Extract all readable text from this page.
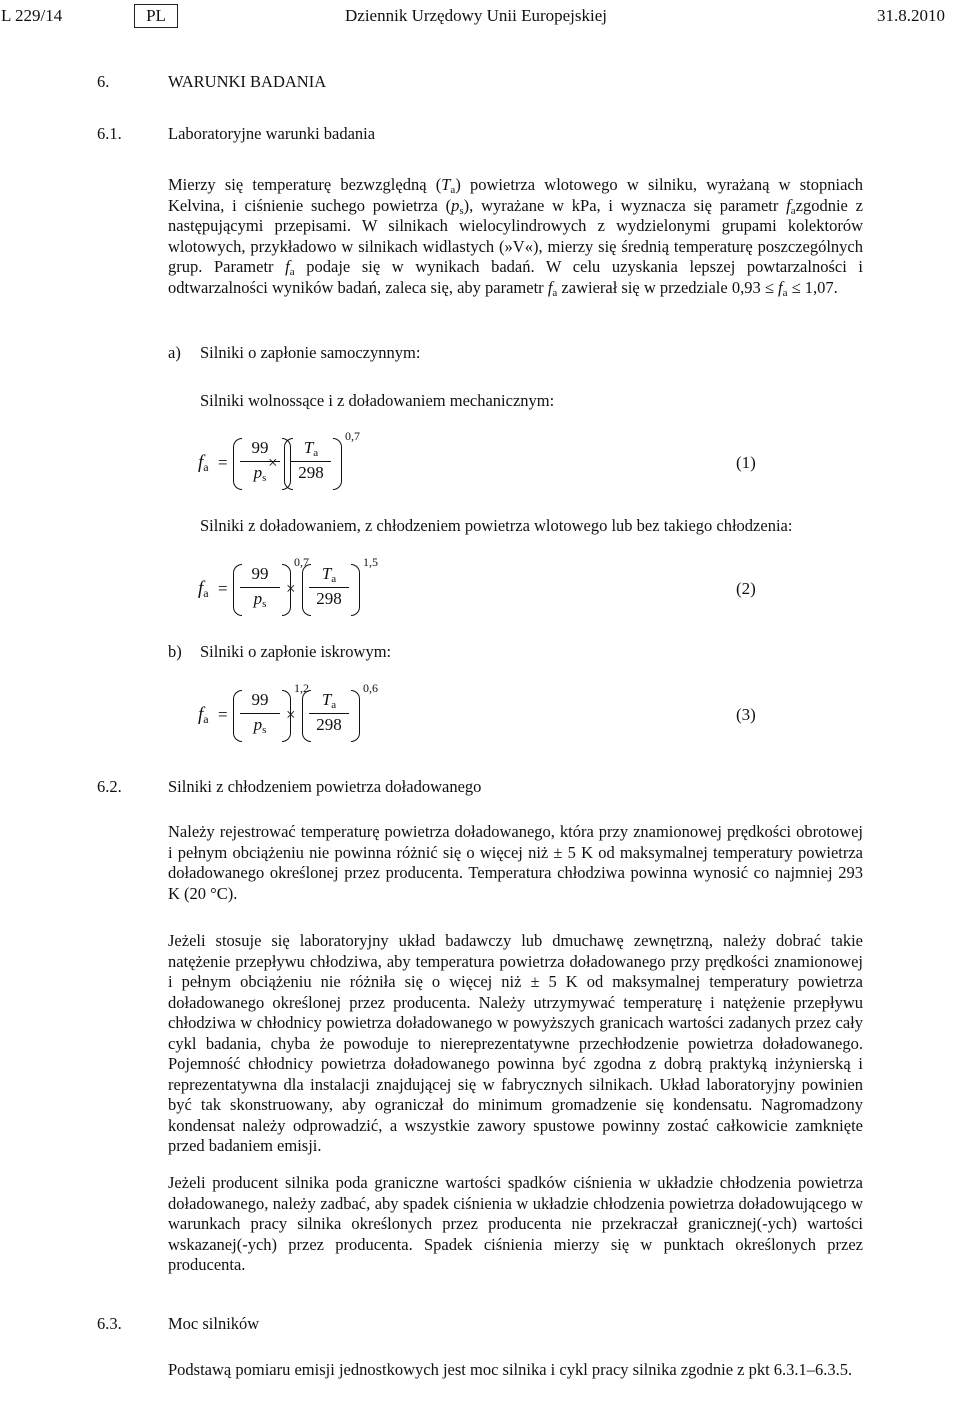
L 229/14	PL	Dziennik Urzędowy Unii Europejskiej	31.8.2010
6.	WARUNKI BADANIA
6.1.	Laboratoryjne warunki badania
Mierzy się temperaturę bezwzględną $(T_a)$ powietrza wlotowego w silniku, wyrażaną w stopniach Kelvina, i ciśnienie suchego powietrza $(p_s)$, wyrażane w kPa, i wyznacza się parametr $f_azgodnie$ z następującymi przepisami. W silnikach wielocylindrowych z wydzielonymi grupami kolektorów wlotowych, przykładowo w silnikach widlastych (»V«), mierzy się średnią temperaturę poszczególnych grup. Parametr $f_a$ podaje się w wynikach badań. W celu uzyskania lepszej powtarzalności i odtwarzalności wyników badań, zaleca się, aby parametr $f_a$ zawierał się w przedziale $0,93 \le f_a \le 1,07$.
a) Silniki o zapłonie samoczynnym:
Silniki wolnossące i z doładowaniem mechanicznym:
$f_a$ =
99
$p_s$
×
$T_a$
298
0,7
(1)
b) Silniki o zapłonie iskrowym:
Silniki z doładowaniem, z chłodzeniem powietrza wlotowego lub bez takiego chłodzenia:
$f_a$ =
99
$p_s$
0,7
×
$T_a$
298
1,5
(2)
$f_a$ =
99
$p_s$
1,2
×
$T_a$
298
0,6
(3)
6.2.	Silniki z chłodzeniem powietrza doładowanego
Należy rejestrować temperaturę powietrza doładowanego, która przy znamionowej prędkości obrotowej i pełnym obciążeniu nie powinna różnić się o więcej niż ± 5 K od maksymalnej temperatury powietrza doładowanego określonej przez producenta. Temperatura chłodziwa powinna wynosić co najmniej 293 K (20 °C).
Jeżeli stosuje się laboratoryjny układ badawczy lub dmuchawę zewnętrzną, należy dobrać takie natężenie przepływu chłodziwa, aby temperatura powietrza doładowanego przy prędkości znamionowej i pełnym obciążeniu nie różniła się o więcej niż ± 5 K od maksymalnej temperatury powietrza doładowanego określonej przez producenta. Należy utrzymywać temperaturę i natężenie przepływu chłodziwa w chłodnicy powietrza doładowanego w powyższych granicach wartości zadanych przez cały cykl badania, chyba że powoduje to niereprezentatywne przechłodzenie powietrza doładowanego. Pojemność chłodnicy powietrza doładowanego powinna być zgodna z dobrą praktyką inżynierską i reprezentatywna dla instalacji znajdującej się w fabrycznych silnikach. Układ laboratoryjny powinien być tak skonstruowany, aby ograniczał do minimum gromadzenie się kondensatu. Nagromadzony kondensat należy odprowadzić, a wszystkie zawory spustowe powinny zostać całkowicie zamknięte przed badaniem emisji.
Jeżeli producent silnika poda graniczne wartości spadków ciśnienia w układzie chłodzenia powietrza doładowanego, należy zadbać, aby spadek ciśnienia w układzie chłodzenia powietrza doładowującego w warunkach pracy silnika określonych przez producenta nie przekraczał granicznej(-ych) wartości wskazanej(-ych) przez producenta. Spadek ciśnienia mierzy się w punktach określonych przez producenta.
6.3.	Moc silników
Podstawą pomiaru emisji jednostkowych jest moc silnika i cykl pracy silnika zgodnie z pkt 6.3.1–6.3.5.
